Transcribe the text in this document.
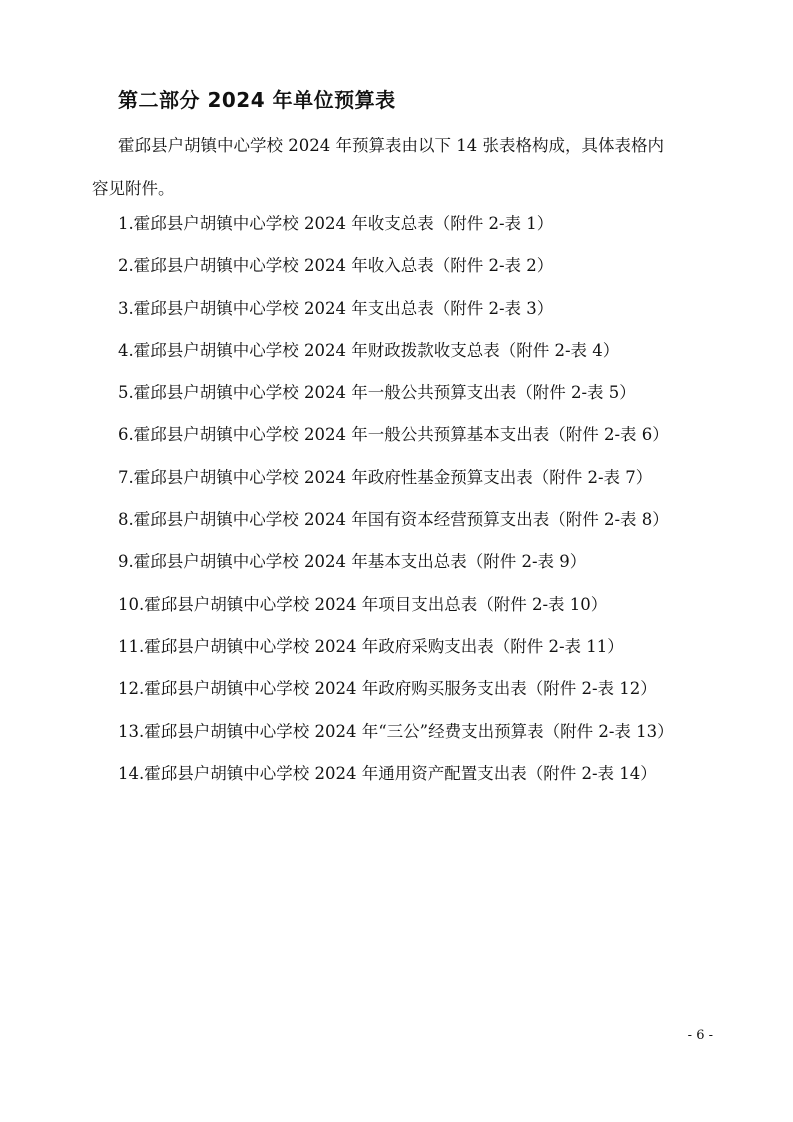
第二部分 2024 年单位预算表

霍邱县户胡镇中心学校 2024 年预算表由以下 14 张表格构成，具体表格内

容见附件。
1.霍邱县户胡镇中心学校 2024 年收支总表（附件 2-表 1）
2.霍邱县户胡镇中心学校 2024 年收入总表（附件 2-表 2）
3.霍邱县户胡镇中心学校 2024 年支出总表（附件 2-表 3）
4.霍邱县户胡镇中心学校 2024 年财政拨款收支总表（附件 2-表 4）
5.霍邱县户胡镇中心学校 2024 年一般公共预算支出表（附件 2-表 5）
6.霍邱县户胡镇中心学校 2024 年一般公共预算基本支出表（附件 2-表 6）
7.霍邱县户胡镇中心学校 2024 年政府性基金预算支出表（附件 2-表 7）
8.霍邱县户胡镇中心学校 2024 年国有资本经营预算支出表（附件 2-表 8）
9.霍邱县户胡镇中心学校 2024 年基本支出总表（附件 2-表 9）
10.霍邱县户胡镇中心学校 2024 年项目支出总表（附件 2-表 10）
11.霍邱县户胡镇中心学校 2024 年政府采购支出表（附件 2-表 11）
12.霍邱县户胡镇中心学校 2024 年政府购买服务支出表（附件 2-表 12）
13.霍邱县户胡镇中心学校 2024 年“三公”经费支出预算表（附件 2-表 13）
14.霍邱县户胡镇中心学校 2024 年通用资产配置支出表（附件 2-表 14）
- 6 -
